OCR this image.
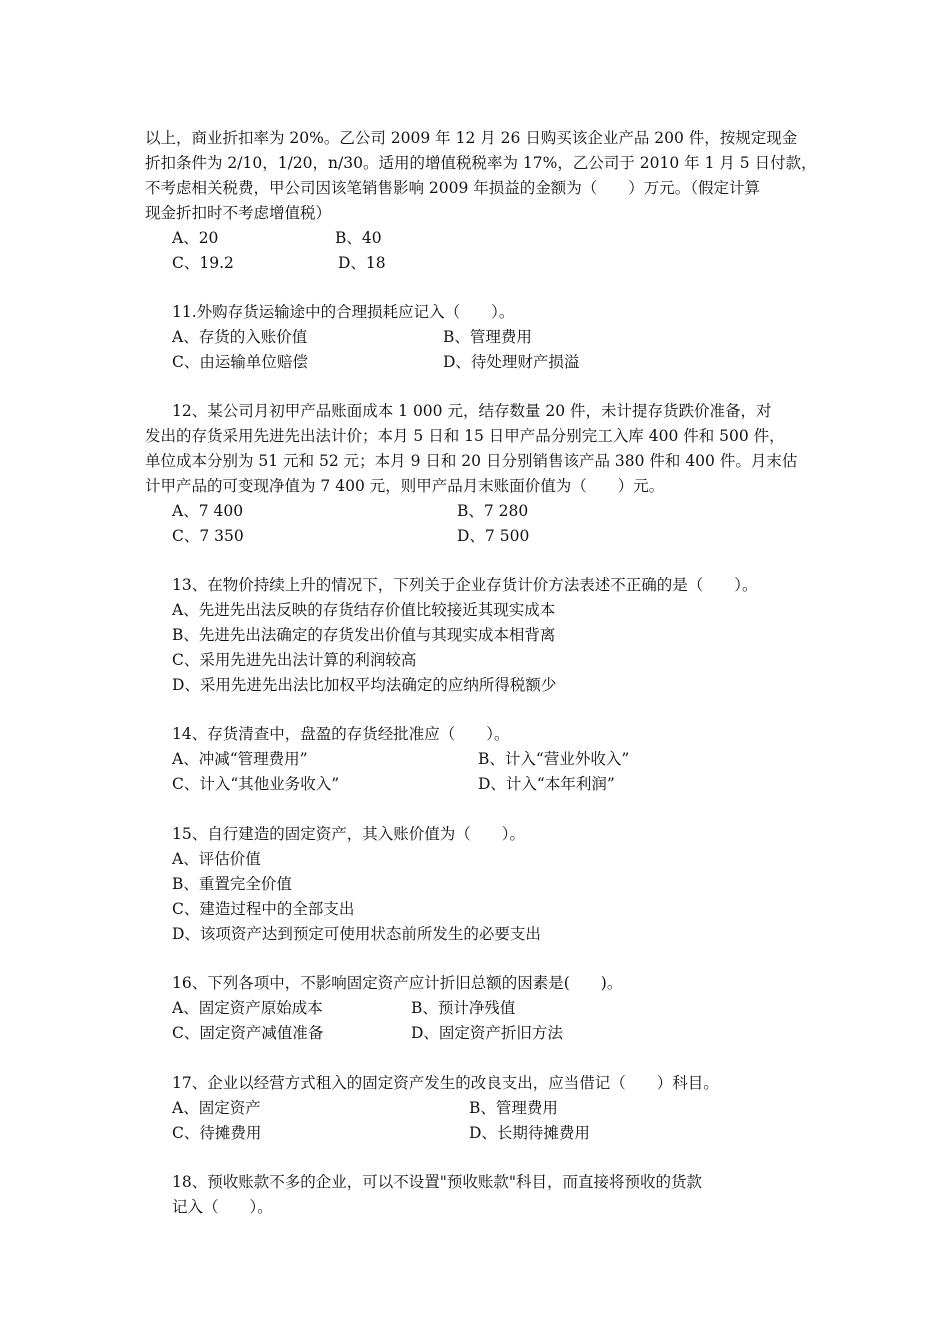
以上，商业折扣率为 20%。乙公司 2009 年 12 月 26 日购买该企业产品 200 件，按规定现金
折扣条件为 2/10，1/20，n/30。适用的增值税税率为 17%，乙公司于 2010 年 1 月 5 日付款，
不考虑相关税费，甲公司因该笔销售影响 2009 年损益的金额为（　　）万元。（假定计算
现金折扣时不考虑增值税）
A、20	B、40
C、19.2	D、18
11.外购存货运输途中的合理损耗应记入（　　）。
A、存货的入账价值	B、管理费用
C、由运输单位赔偿	D、待处理财产损溢
12、某公司月初甲产品账面成本 1 000 元，结存数量 20 件，未计提存货跌价准备，对
发出的存货采用先进先出法计价；本月 5 日和 15 日甲产品分别完工入库 400 件和 500 件，
单位成本分别为 51 元和 52 元；本月 9 日和 20 日分别销售该产品 380 件和 400 件。月末估
计甲产品的可变现净值为 7 400 元，则甲产品月末账面价值为（　　）元。
A、7 400	B、7 280
C、7 350	D、7 500
13、在物价持续上升的情况下，下列关于企业存货计价方法表述不正确的是（　　）。
A、先进先出法反映的存货结存价值比较接近其现实成本
B、先进先出法确定的存货发出价值与其现实成本相背离
C、采用先进先出法计算的利润较高
D、采用先进先出法比加权平均法确定的应纳所得税额少
14、存货清查中，盘盈的存货经批准应（　　）。
A、冲减“管理费用”	B、计入“营业外收入”
C、计入“其他业务收入”	D、计入“本年利润”
15、自行建造的固定资产，其入账价值为（　　）。
A、评估价值
B、重置完全价值
C、建造过程中的全部支出
D、该项资产达到预定可使用状态前所发生的必要支出
16、下列各项中，不影响固定资产应计折旧总额的因素是(　　)。
A、固定资产原始成本	B、预计净残值
C、固定资产减值准备	D、固定资产折旧方法
17、企业以经营方式租入的固定资产发生的改良支出，应当借记（　　）科目。
A、固定资产	B、管理费用
C、待摊费用	D、长期待摊费用
18、预收账款不多的企业，可以不设置"预收账款"科目，而直接将预收的货款
记入（　　）。
